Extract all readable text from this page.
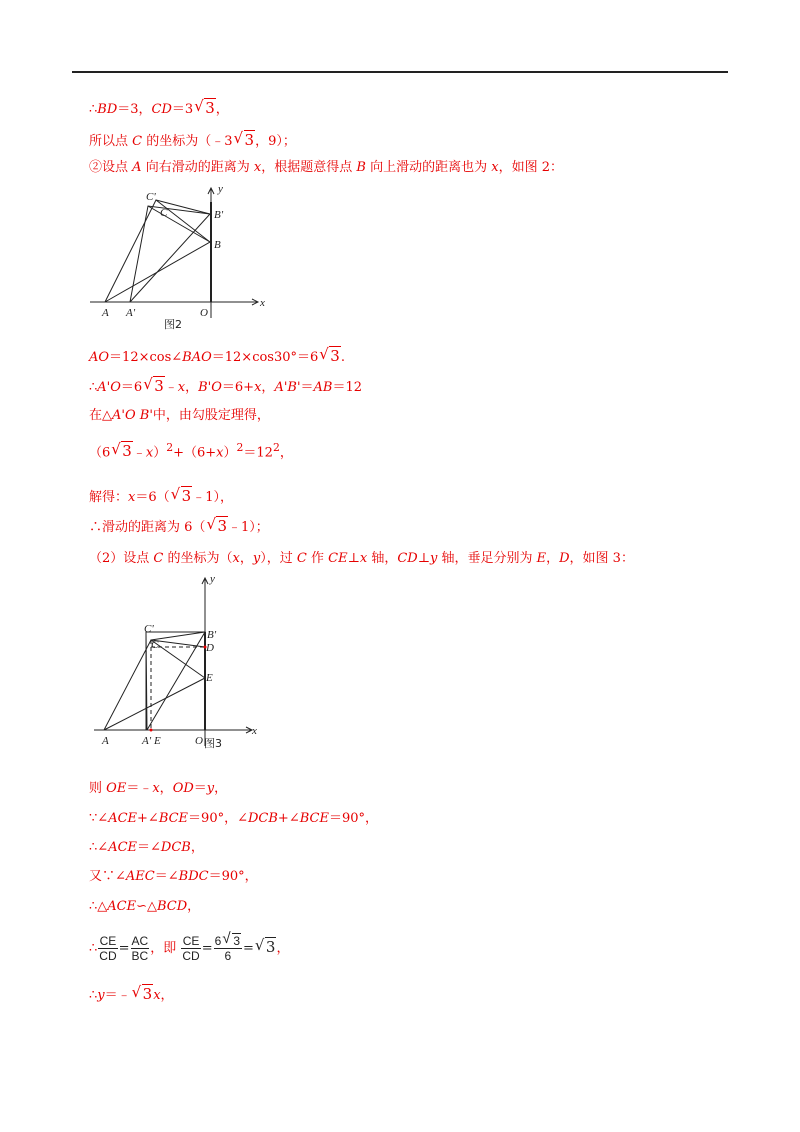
∴BD＝3，CD＝3 √ 3，
所以点 C 的坐标为（﹣3 √ 3，9）；
②设点 A 向右滑动的距离为 x，根据题意得点 B 向上滑动的距离也为 x，如图 2：
C'
C
y
B'
B
x
A A'	O
图2
AO＝12×cos∠BAO＝12×cos30°＝6 √ 3.
∴A'O＝6 √ 3﹣x，B'O＝6+x，A'B'＝AB＝12
在△A'O B'中，由勾股定理得，
（6 √ $3﹣x)^2+(6+x)^2=12^2$，
解得：x＝6（ √ 3﹣1），
∴滑动的距离为 6（ √ 3﹣1）；
（2）设点 C 的坐标为（x，y），过 C 作 CE⊥x 轴，CD⊥y 轴，垂足分别为 E，D，如图 3：
y
C'	B'
C	D
E
x
A	A' E	O 图3
则 OE＝﹣x，OD＝y，
∵∠ACE+∠BCE＝90°，∠DCB+∠BCE＝90°，
∴∠ACE＝∠DCB，
又∵∠AEC＝∠BDC＝90°，
∴△ACE∽△BCD，
∴ $\frac{CE}{CD} = \frac{AC}{BC}$ ，即 $\frac{CE}{CD} = \frac{6 √ 3}{6}$ = √ 3，
∴y＝﹣ √ 3x，
